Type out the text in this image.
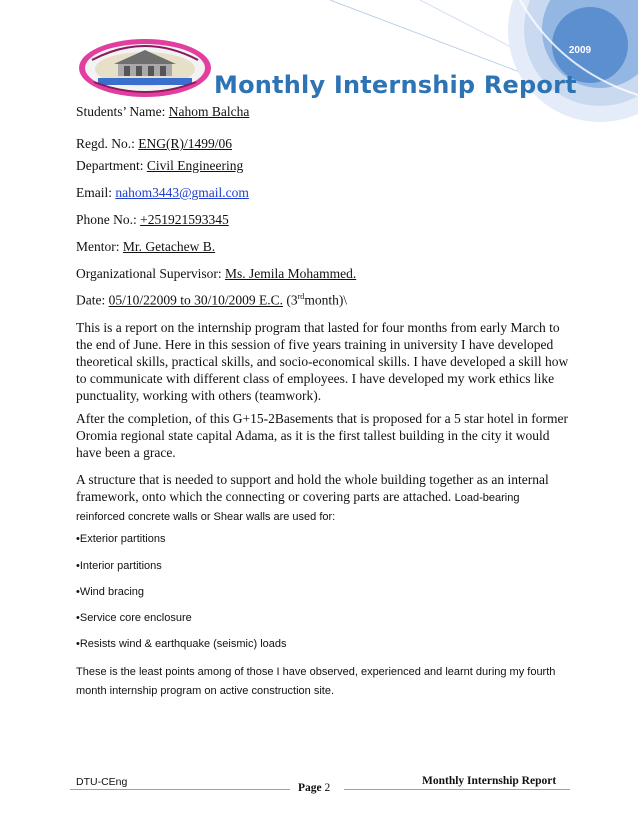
2009
Monthly Internship Report
Students’ Name: Nahom Balcha
Regd. No.: ENG(R)/1499/06
Department: Civil Engineering
Email: nahom3443@gmail.com
Phone No.: +251921593345
Mentor: Mr. Getachew B.
Organizational Supervisor: Ms. Jemila Mohammed.
Date: 05/10/22009 to 30/10/2009 E.C. (3rdmonth)\
This is a report on the internship program that lasted for four months from early March to the end of June. Here in this session of five years training in university I have developed theoretical skills, practical skills, and socio-economical skills. I have developed a skill how to communicate with different class of employees. I have developed my work ethics like punctuality, working with others (teamwork).
After the completion, of this G+15-2Basements that is proposed for a 5 star hotel in former Oromia regional state capital Adama, as it is the first tallest building in the city it would have been a grace.
A structure that is needed to support and hold the whole building together as an internal framework, onto which the connecting or covering parts are attached. Load-bearing reinforced concrete walls or Shear walls are used for:
•Exterior partitions
•Interior partitions
•Wind bracing
•Service core enclosure
•Resists wind & earthquake (seismic) loads
These is the least points among of those I have observed, experienced and learnt during my fourth month internship program on active construction site.
DTU-CEng	Page 2
Monthly Internship Report
